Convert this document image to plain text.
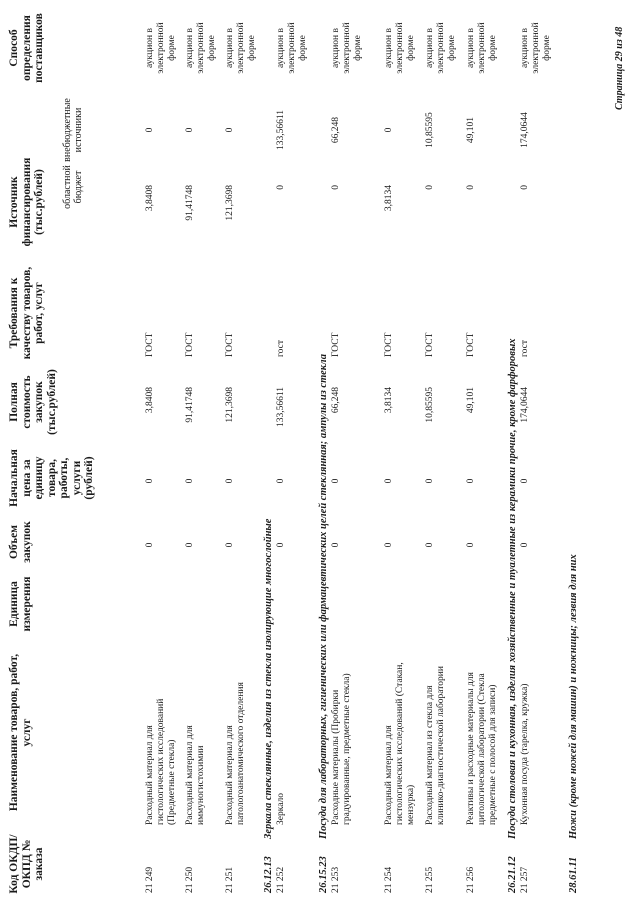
Код ОКДП/ ОКПД № заказа
Наименование товаров, работ, услуг
Единица измерения
Объем закупок
Начальная цена за единицу товара, работы, услуги (рублей)
Полная стоимость закупок (тыс.рублей)
Требования к качеству товаров, работ, услуг
Источник финансирования (тыс.рублей) областной бюджет
внебюджетные источники
Способ определения поставщиков
21 249
Расходный материал для гистологических исследований (Предметные стекла)
0
0
3,8408
ГОСТ
3,8408
0
аукцион в электронной форме
21 250
Расходный материал для иммуногистохимии
0
0
91,41748
ГОСТ
91,41748
0
аукцион в электронной форме
21 251
Расходный материал для патологоанатомического отделения
0
0
121,3698
ГОСТ
121,3698
0
аукцион в электронной форме
26.12.13
Зеркала стеклянные, изделия из стекла изолирующие многослойные
21 252
Зеркало
0
0
133,56611
гост
0
133,56611
аукцион в электронной форме
26.15.23
Посуда для лабораторных, гигиенических или фармацевтических целей стеклянная; ампулы из стекла
21 253
Расходные материалы (Пробирки градуированные, предметные стекла)
0
0
66,248
ГОСТ
0
66,248
аукцион в электронной форме
21 254
Расходный материал для гистологических исследований (Стакан, мензурка)
0
0
3,8134
ГОСТ
3,8134
0
аукцион в электронной форме
21 255
Расходный материал из стекла для клинико-диагностической лаборатории
0
0
10,85595
ГОСТ
0
10,85595
аукцион в электронной форме
21 256
Реактивы и расходные материалы для цитологической лаборатории (Стекла предметные с полосой для записи)
0
0
49,101
ГОСТ
0
49,101
аукцион в электронной форме
26.21.12
Посуда столовая и кухонная, изделия хозяйственные и туалетные из керамики прочие, кроме фарфоровых
21 257
Кухонная посуда (тарелка, кружка)
0
0
174,0644
гост
0
174,0644
аукцион в электронной форме
28.61.11
Ножи (кроме ножей для машин) и ножницы; лезвия для них
Страница 29 из 48
